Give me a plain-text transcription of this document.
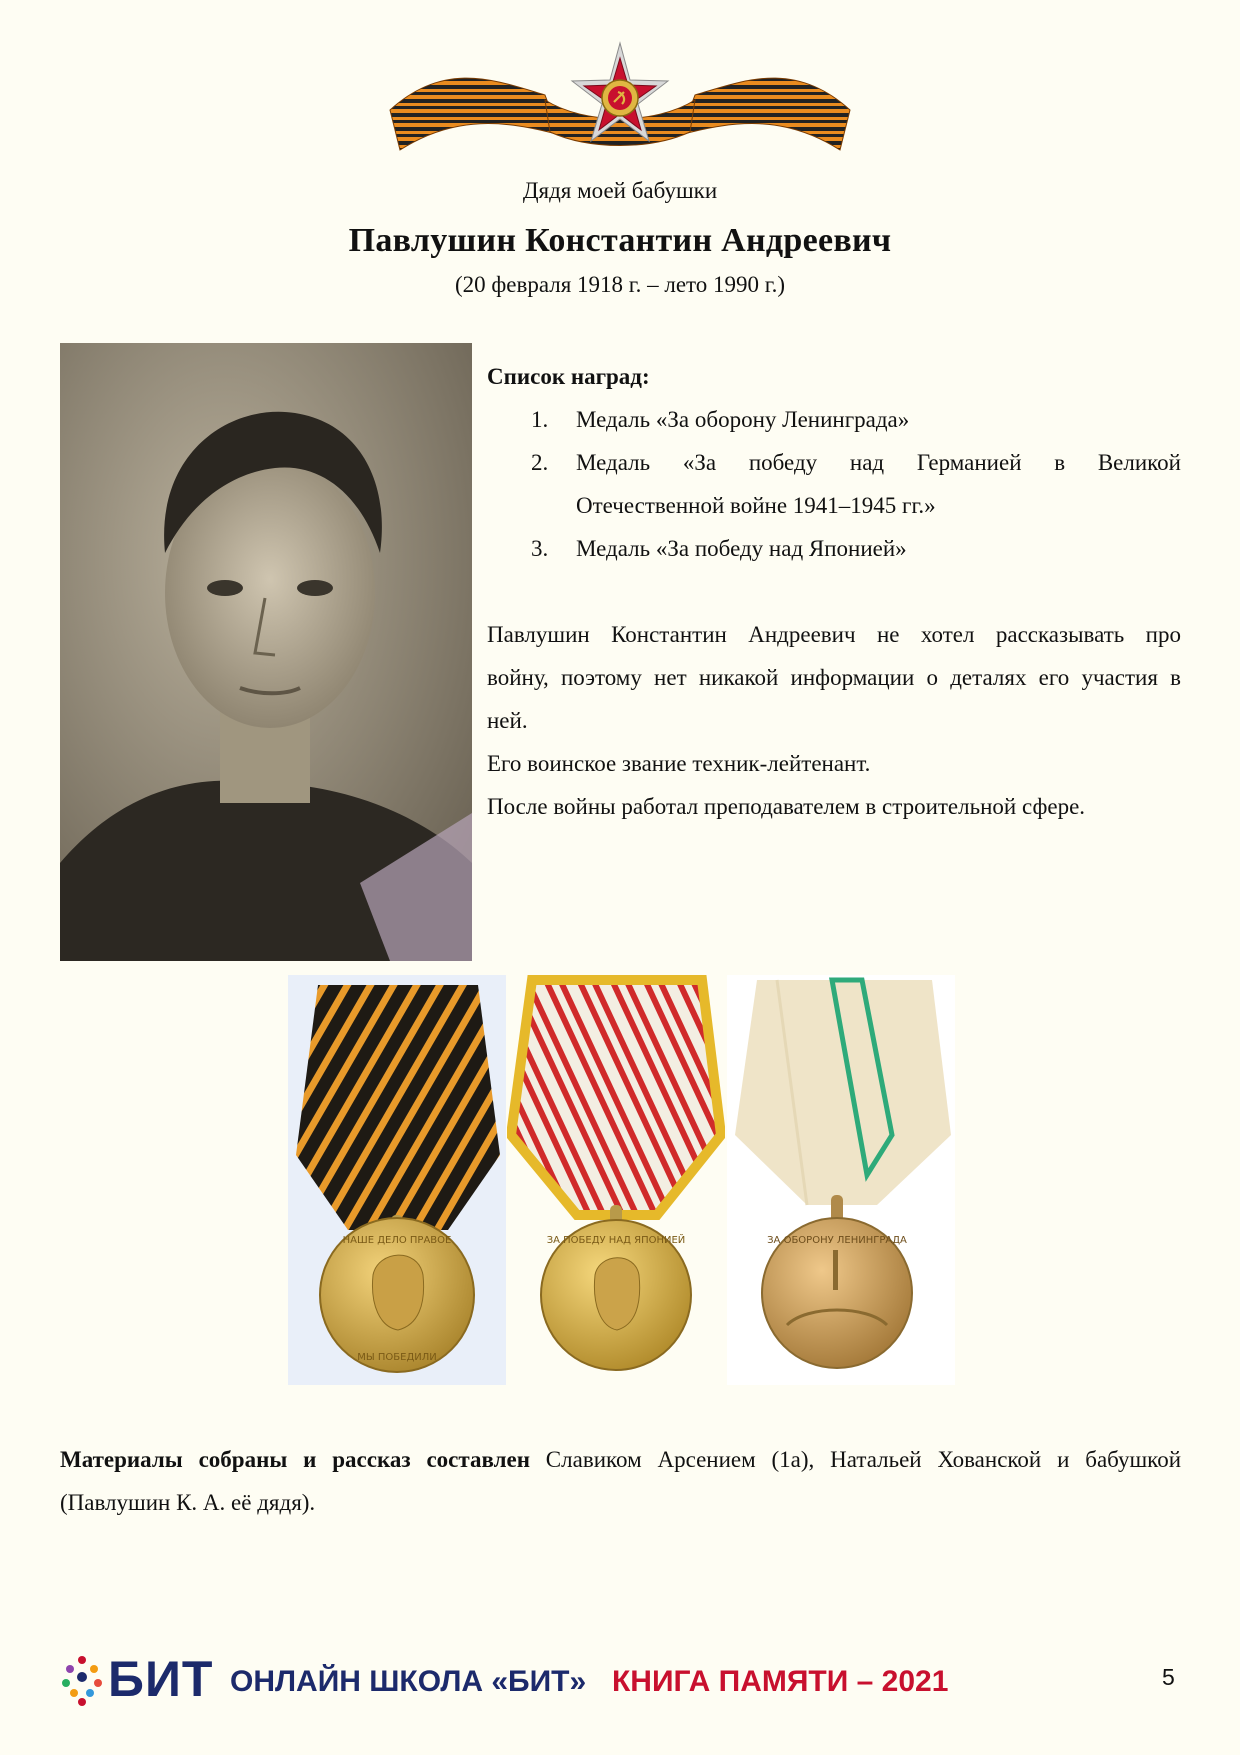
Дядя моей бабушки
Павлушин Константин Андреевич
(20 февраля 1918 г. – лето 1990 г.)
Список наград:
1. Медаль «За оборону Ленинграда»
2. Медаль «За победу над Германией в Великой
Отечественной войне 1941–1945 гг.»
3. Медаль «За победу над Японией»

Павлушин Константин Андреевич не хотел рассказывать про

войну, поэтому нет никакой информации о деталях его участия в

ней.

Его воинское звание техник-лейтенант.

После войны работал преподавателем в строительной сфере.

НАШЕ ДЕЛО ПРАВОЕ
МЫ ПОБЕДИЛИ
ЗА ПОБЕДУ НАД ЯПОНИЕЙ	ЗА ОБОРОНУ ЛЕНИНГРАДА
Материалы собраны и рассказ составлен Славиком Арсением (1а), Натальей Хованской и бабушкой (Павлушин К. А. её дядя).
БИТ ОНЛАЙН ШКОЛА «БИТ» КНИГА ПАМЯТИ – 2021	5
